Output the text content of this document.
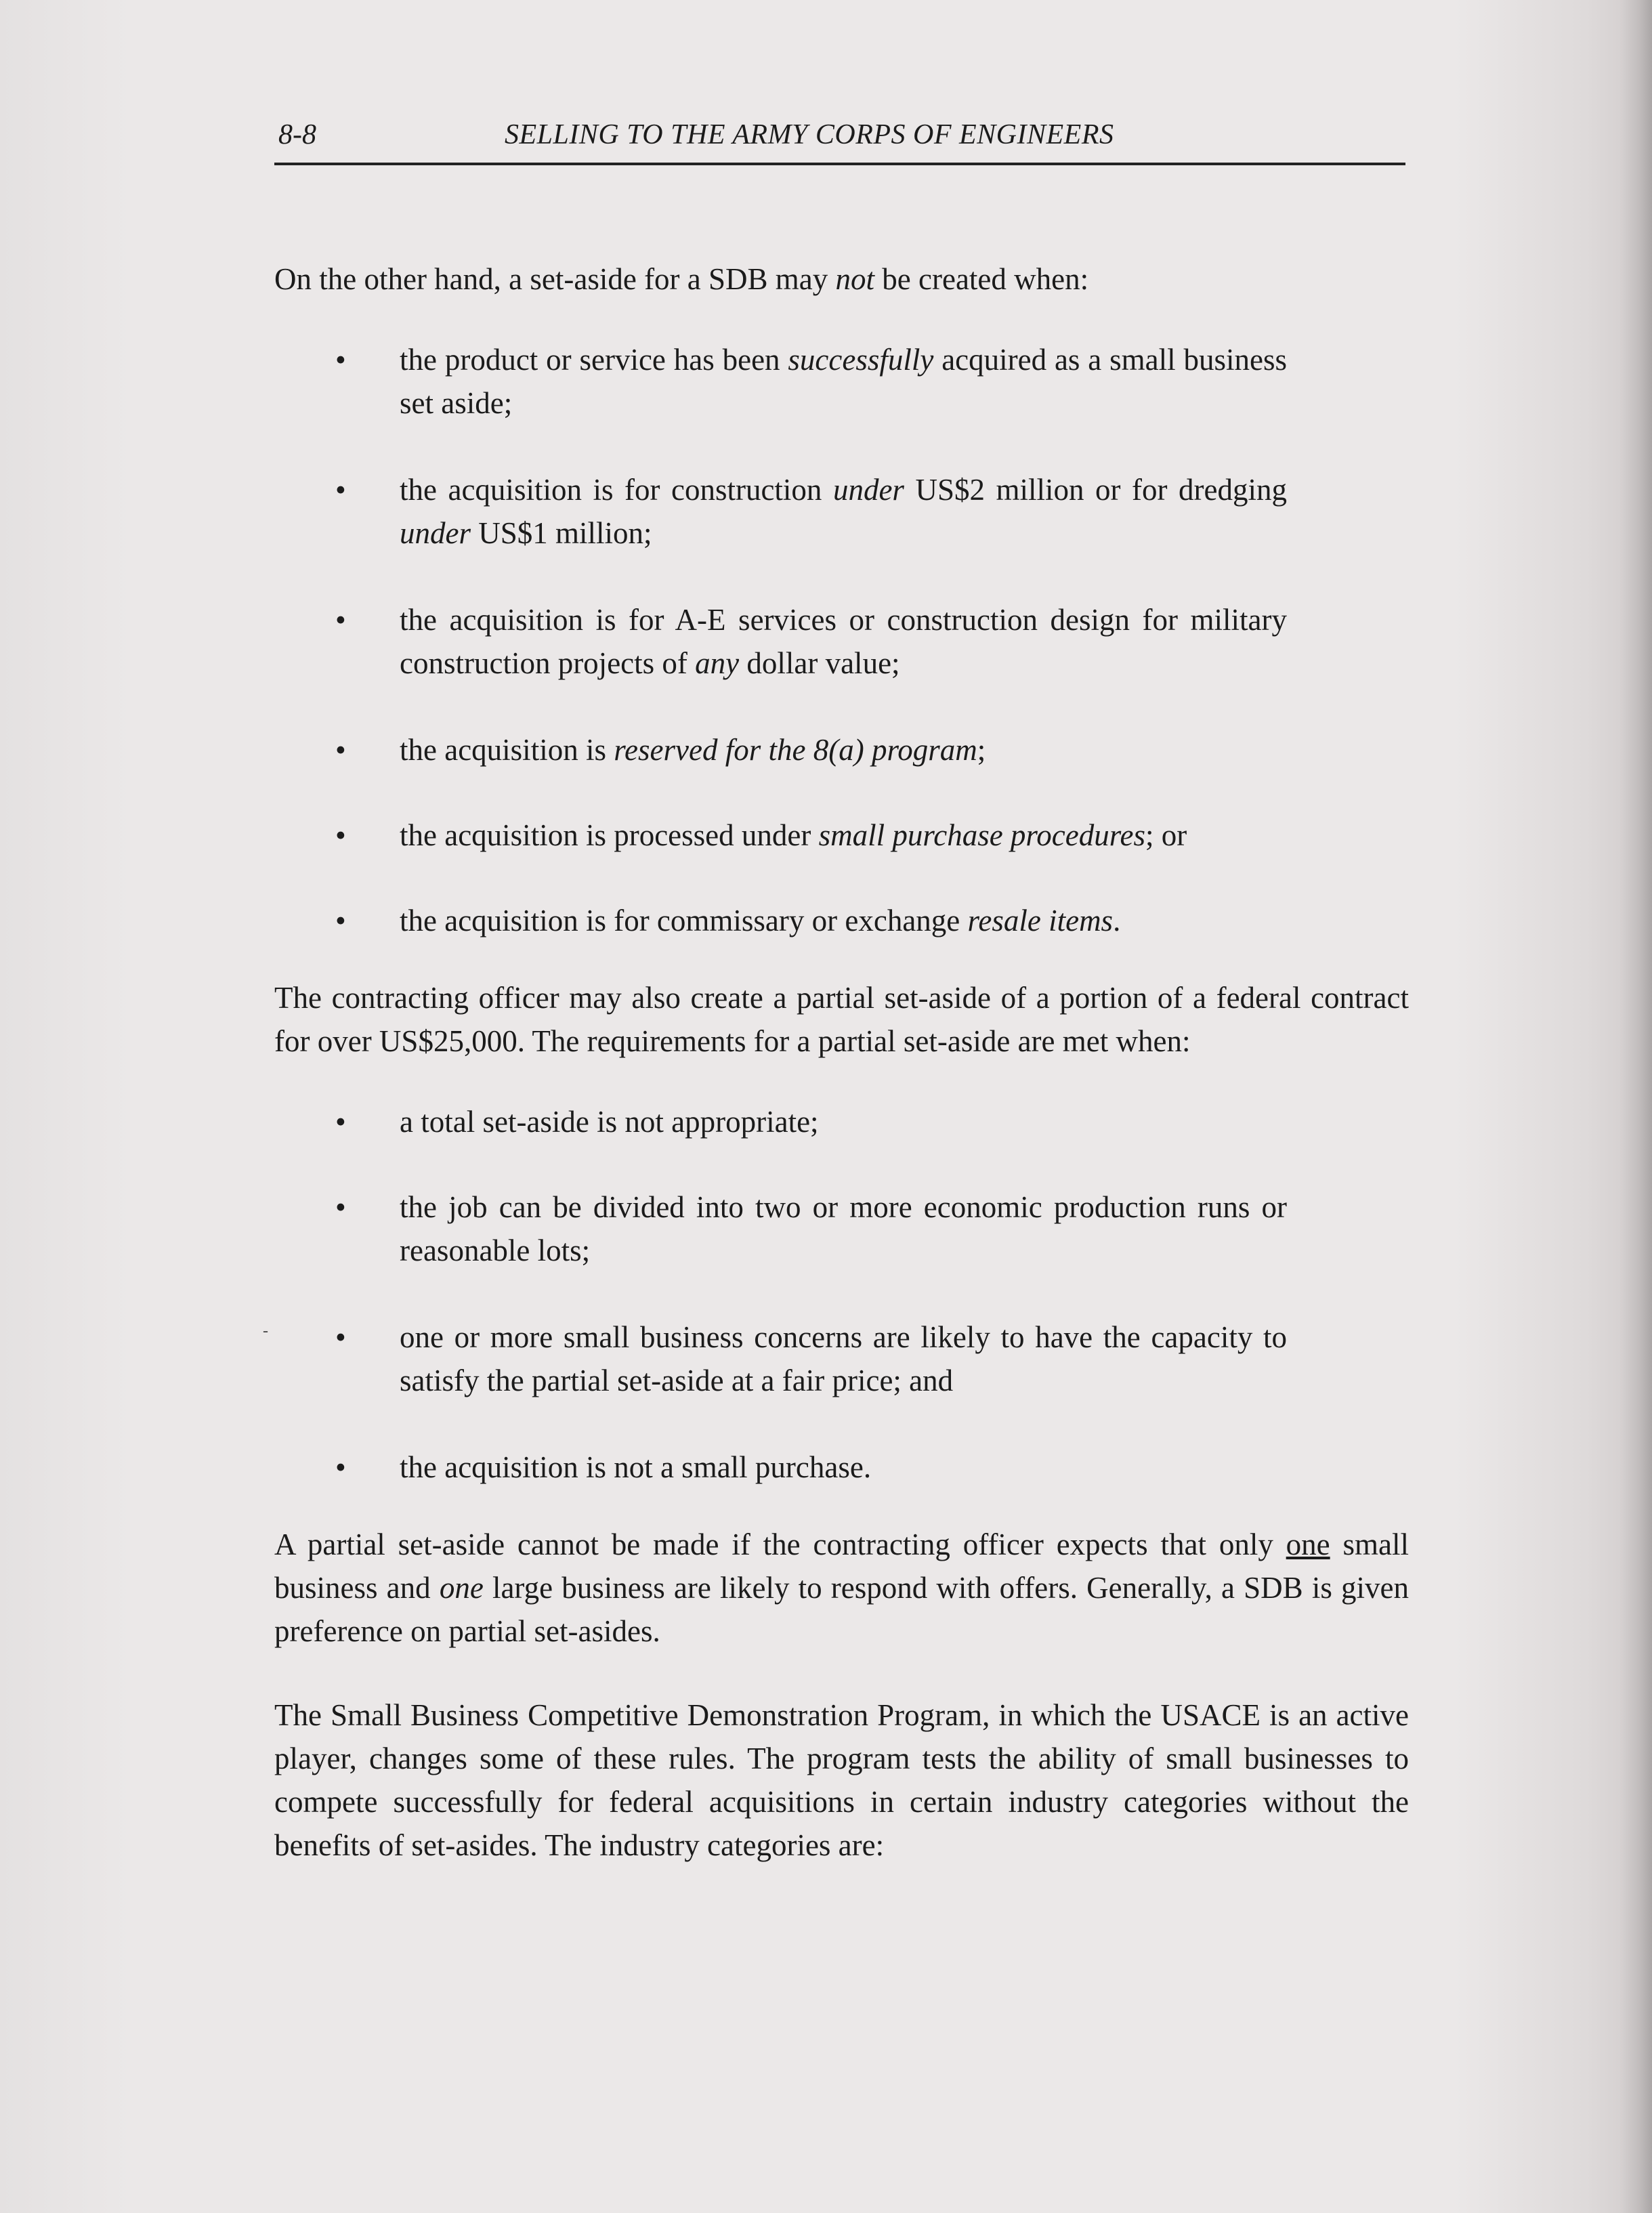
8-8	SELLING TO THE ARMY CORPS OF ENGINEERS
-

On the other hand, a set-aside for a SDB may not be created when:

• the product or service has been successfully acquired as a small business set aside;
• the acquisition is for construction under US$2 million or for dredging under US$1 million;
• the acquisition is for A-E services or construction design for military construction projects of any dollar value;
• the acquisition is reserved for the 8(a) program;
• the acquisition is processed under small purchase procedures; or
• the acquisition is for commissary or exchange resale items.

The contracting officer may also create a partial set-aside of a portion of a federal contract for over US$25,000. The requirements for a partial set-aside are met when:

• a total set-aside is not appropriate;
• the job can be divided into two or more economic production runs or reasonable lots;
• one or more small business concerns are likely to have the capacity to satisfy the partial set-aside at a fair price; and
• the acquisition is not a small purchase.

A partial set-aside cannot be made if the contracting officer expects that only one small business and one large business are likely to respond with offers. Generally, a SDB is given preference on partial set-asides.

The Small Business Competitive Demonstration Program, in which the USACE is an active player, changes some of these rules. The program tests the ability of small businesses to compete successfully for federal acquisitions in certain industry categories without the benefits of set-asides. The industry categories are:
